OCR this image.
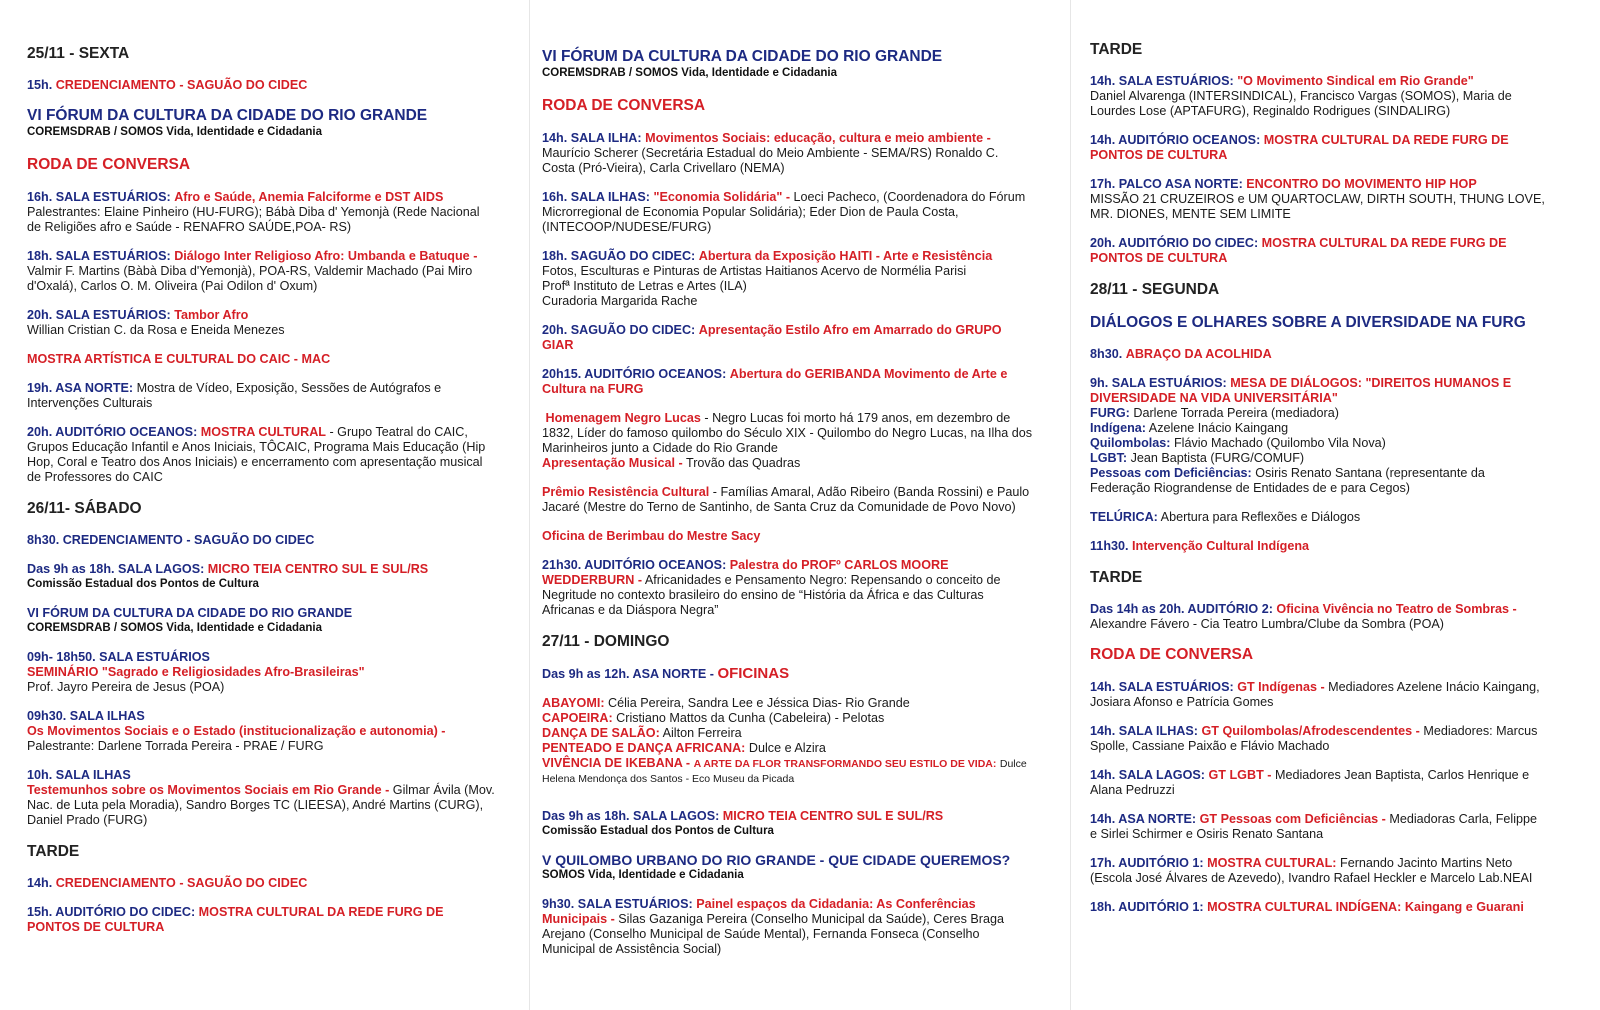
25/11 - SEXTA
15h. CREDENCIAMENTO - SAGUÃO DO CIDEC
VI FÓRUM DA CULTURA DA CIDADE DO RIO GRANDE
COREMSDRAB / SOMOS Vida, Identidade e Cidadania
RODA DE CONVERSA
16h. SALA ESTUÁRIOS: Afro e Saúde, Anemia Falciforme e DST AIDS
Palestrantes: Elaine Pinheiro (HU-FURG); Bábà Diba d' Yemonjà (Rede Nacional
de Religiões afro e Saúde - RENAFRO SAÚDE,POA- RS)
18h. SALA ESTUÁRIOS: Diálogo Inter Religioso Afro: Umbanda e Batuque -
Valmir F. Martins (Bàbà Diba d'Yemonjà), POA-RS, Valdemir Machado (Pai Miro
d'Oxalá), Carlos O. M. Oliveira (Pai Odilon d' Oxum)
20h. SALA ESTUÁRIOS: Tambor Afro
Willian Cristian C. da Rosa e Eneida Menezes
MOSTRA ARTÍSTICA E CULTURAL DO CAIC - MAC
19h. ASA NORTE: Mostra de Vídeo, Exposição, Sessões de Autógrafos e
Intervenções Culturais
20h. AUDITÓRIO OCEANOS: MOSTRA CULTURAL - Grupo Teatral do CAIC,
Grupos Educação Infantil e Anos Iniciais, TÔCAIC, Programa Mais Educação (Hip
Hop, Coral e Teatro dos Anos Iniciais) e encerramento com apresentação musical
de Professores do CAIC
26/11- SÁBADO
8h30. CREDENCIAMENTO - SAGUÃO DO CIDEC
Das 9h as 18h. SALA LAGOS: MICRO TEIA CENTRO SUL E SUL/RS
Comissão Estadual dos Pontos de Cultura
VI FÓRUM DA CULTURA DA CIDADE DO RIO GRANDE
COREMSDRAB / SOMOS Vida, Identidade e Cidadania
09h- 18h50. SALA ESTUÁRIOS
SEMINÁRIO "Sagrado e Religiosidades Afro-Brasileiras"
Prof. Jayro Pereira de Jesus (POA)
09h30. SALA ILHAS
Os Movimentos Sociais e o Estado (institucionalização e autonomia) -
Palestrante: Darlene Torrada Pereira - PRAE / FURG
10h. SALA ILHAS
Testemunhos sobre os Movimentos Sociais em Rio Grande - Gilmar Ávila (Mov.
Nac. de Luta pela Moradia), Sandro Borges TC (LIEESA), André Martins (CURG),
Daniel Prado (FURG)
TARDE
14h. CREDENCIAMENTO - SAGUÃO DO CIDEC
15h. AUDITÓRIO DO CIDEC: MOSTRA CULTURAL DA REDE FURG DE
PONTOS DE CULTURA
VI FÓRUM DA CULTURA DA CIDADE DO RIO GRANDE
COREMSDRAB / SOMOS Vida, Identidade e Cidadania
RODA DE CONVERSA
14h. SALA ILHA: Movimentos Sociais: educação, cultura e meio ambiente -
Maurício Scherer (Secretária Estadual do Meio Ambiente - SEMA/RS) Ronaldo C.
Costa (Pró-Vieira), Carla Crivellaro (NEMA)
16h. SALA ILHAS: "Economia Solidária" - Loeci Pacheco, (Coordenadora do Fórum
Microrregional de Economia Popular Solidária); Eder Dion de Paula Costa,
(INTECOOP/NUDESE/FURG)
18h. SAGUÃO DO CIDEC: Abertura da Exposição HAITI - Arte e Resistência
Fotos, Esculturas e Pinturas de Artistas Haitianos Acervo de Normélia Parisi
Profª Instituto de Letras e Artes (ILA)
Curadoria Margarida Rache
20h. SAGUÃO DO CIDEC: Apresentação Estilo Afro em Amarrado do GRUPO
GIAR
20h15. AUDITÓRIO OCEANOS: Abertura do GERIBANDA Movimento de Arte e
Cultura na FURG
Homenagem Negro Lucas - Negro Lucas foi morto há 179 anos, em dezembro de
1832, Líder do famoso quilombo do Século XIX - Quilombo do Negro Lucas, na Ilha dos
Marinheiros junto a Cidade do Rio Grande
Apresentação Musical - Trovão das Quadras
Prêmio Resistência Cultural - Famílias Amaral, Adão Ribeiro (Banda Rossini) e Paulo
Jacaré (Mestre do Terno de Santinho, de Santa Cruz da Comunidade de Povo Novo)
Oficina de Berimbau do Mestre Sacy
21h30. AUDITÓRIO OCEANOS: Palestra do PROFº CARLOS MOORE
WEDDERBURN - Africanidades e Pensamento Negro: Repensando o conceito de
Negritude no contexto brasileiro do ensino de “História da África e das Culturas
Africanas e da Diáspora Negra”
27/11 - DOMINGO
Das 9h as 12h. ASA NORTE - OFICINAS
ABAYOMI: Célia Pereira, Sandra Lee e Jéssica Dias- Rio Grande
CAPOEIRA: Cristiano Mattos da Cunha (Cabeleira) - Pelotas
DANÇA DE SALÃO: Ailton Ferreira
PENTEADO E DANÇA AFRICANA: Dulce e Alzira
VIVÊNCIA DE IKEBANA - A ARTE DA FLOR TRANSFORMANDO SEU ESTILO DE VIDA: Dulce
Helena Mendonça dos Santos - Eco Museu da Picada
Das 9h as 18h. SALA LAGOS: MICRO TEIA CENTRO SUL E SUL/RS
Comissão Estadual dos Pontos de Cultura
V QUILOMBO URBANO DO RIO GRANDE - QUE CIDADE QUEREMOS?
SOMOS Vida, Identidade e Cidadania
9h30. SALA ESTUÁRIOS: Painel espaços da Cidadania: As Conferências
Municipais - Silas Gazaniga Pereira (Conselho Municipal da Saúde), Ceres Braga
Arejano (Conselho Municipal de Saúde Mental), Fernanda Fonseca (Conselho
Municipal de Assistência Social)
TARDE
14h. SALA ESTUÁRIOS: "O Movimento Sindical em Rio Grande"
Daniel Alvarenga (INTERSINDICAL), Francisco Vargas (SOMOS), Maria de
Lourdes Lose (APTAFURG), Reginaldo Rodrigues (SINDALIRG)
14h. AUDITÓRIO OCEANOS: MOSTRA CULTURAL DA REDE FURG DE
PONTOS DE CULTURA
17h. PALCO ASA NORTE: ENCONTRO DO MOVIMENTO HIP HOP
MISSÃO 21 CRUZEIROS e UM QUARTOCLAW, DIRTH SOUTH, THUNG LOVE,
MR. DIONES, MENTE SEM LIMITE
20h. AUDITÓRIO DO CIDEC: MOSTRA CULTURAL DA REDE FURG DE
PONTOS DE CULTURA
28/11 - SEGUNDA
DIÁLOGOS E OLHARES SOBRE A DIVERSIDADE NA FURG
8h30. ABRAÇO DA ACOLHIDA
9h. SALA ESTUÁRIOS: MESA DE DIÁLOGOS: "DIREITOS HUMANOS E
DIVERSIDADE NA VIDA UNIVERSITÁRIA"
FURG: Darlene Torrada Pereira (mediadora)
Indígena: Azelene Inácio Kaingang
Quilombolas: Flávio Machado (Quilombo Vila Nova)
LGBT: Jean Baptista (FURG/COMUF)
Pessoas com Deficiências: Osiris Renato Santana (representante da
Federação Riograndense de Entidades de e para Cegos)
TELÚRICA: Abertura para Reflexões e Diálogos
11h30. Intervenção Cultural Indígena
TARDE
Das 14h as 20h. AUDITÓRIO 2: Oficina Vivência no Teatro de Sombras -
Alexandre Fávero - Cia Teatro Lumbra/Clube da Sombra (POA)
RODA DE CONVERSA
14h. SALA ESTUÁRIOS: GT Indígenas - Mediadores Azelene Inácio Kaingang,
Josiara Afonso e Patrícia Gomes
14h. SALA ILHAS: GT Quilombolas/Afrodescendentes - Mediadores: Marcus
Spolle, Cassiane Paixão e Flávio Machado
14h. SALA LAGOS: GT LGBT - Mediadores Jean Baptista, Carlos Henrique e
Alana Pedruzzi
14h. ASA NORTE: GT Pessoas com Deficiências - Mediadoras Carla, Felippe
e Sirlei Schirmer e Osiris Renato Santana
17h. AUDITÓRIO 1: MOSTRA CULTURAL: Fernando Jacinto Martins Neto
(Escola José Álvares de Azevedo), Ivandro Rafael Heckler e Marcelo Lab.NEAI
18h. AUDITÓRIO 1: MOSTRA CULTURAL INDÍGENA: Kaingang e Guarani
